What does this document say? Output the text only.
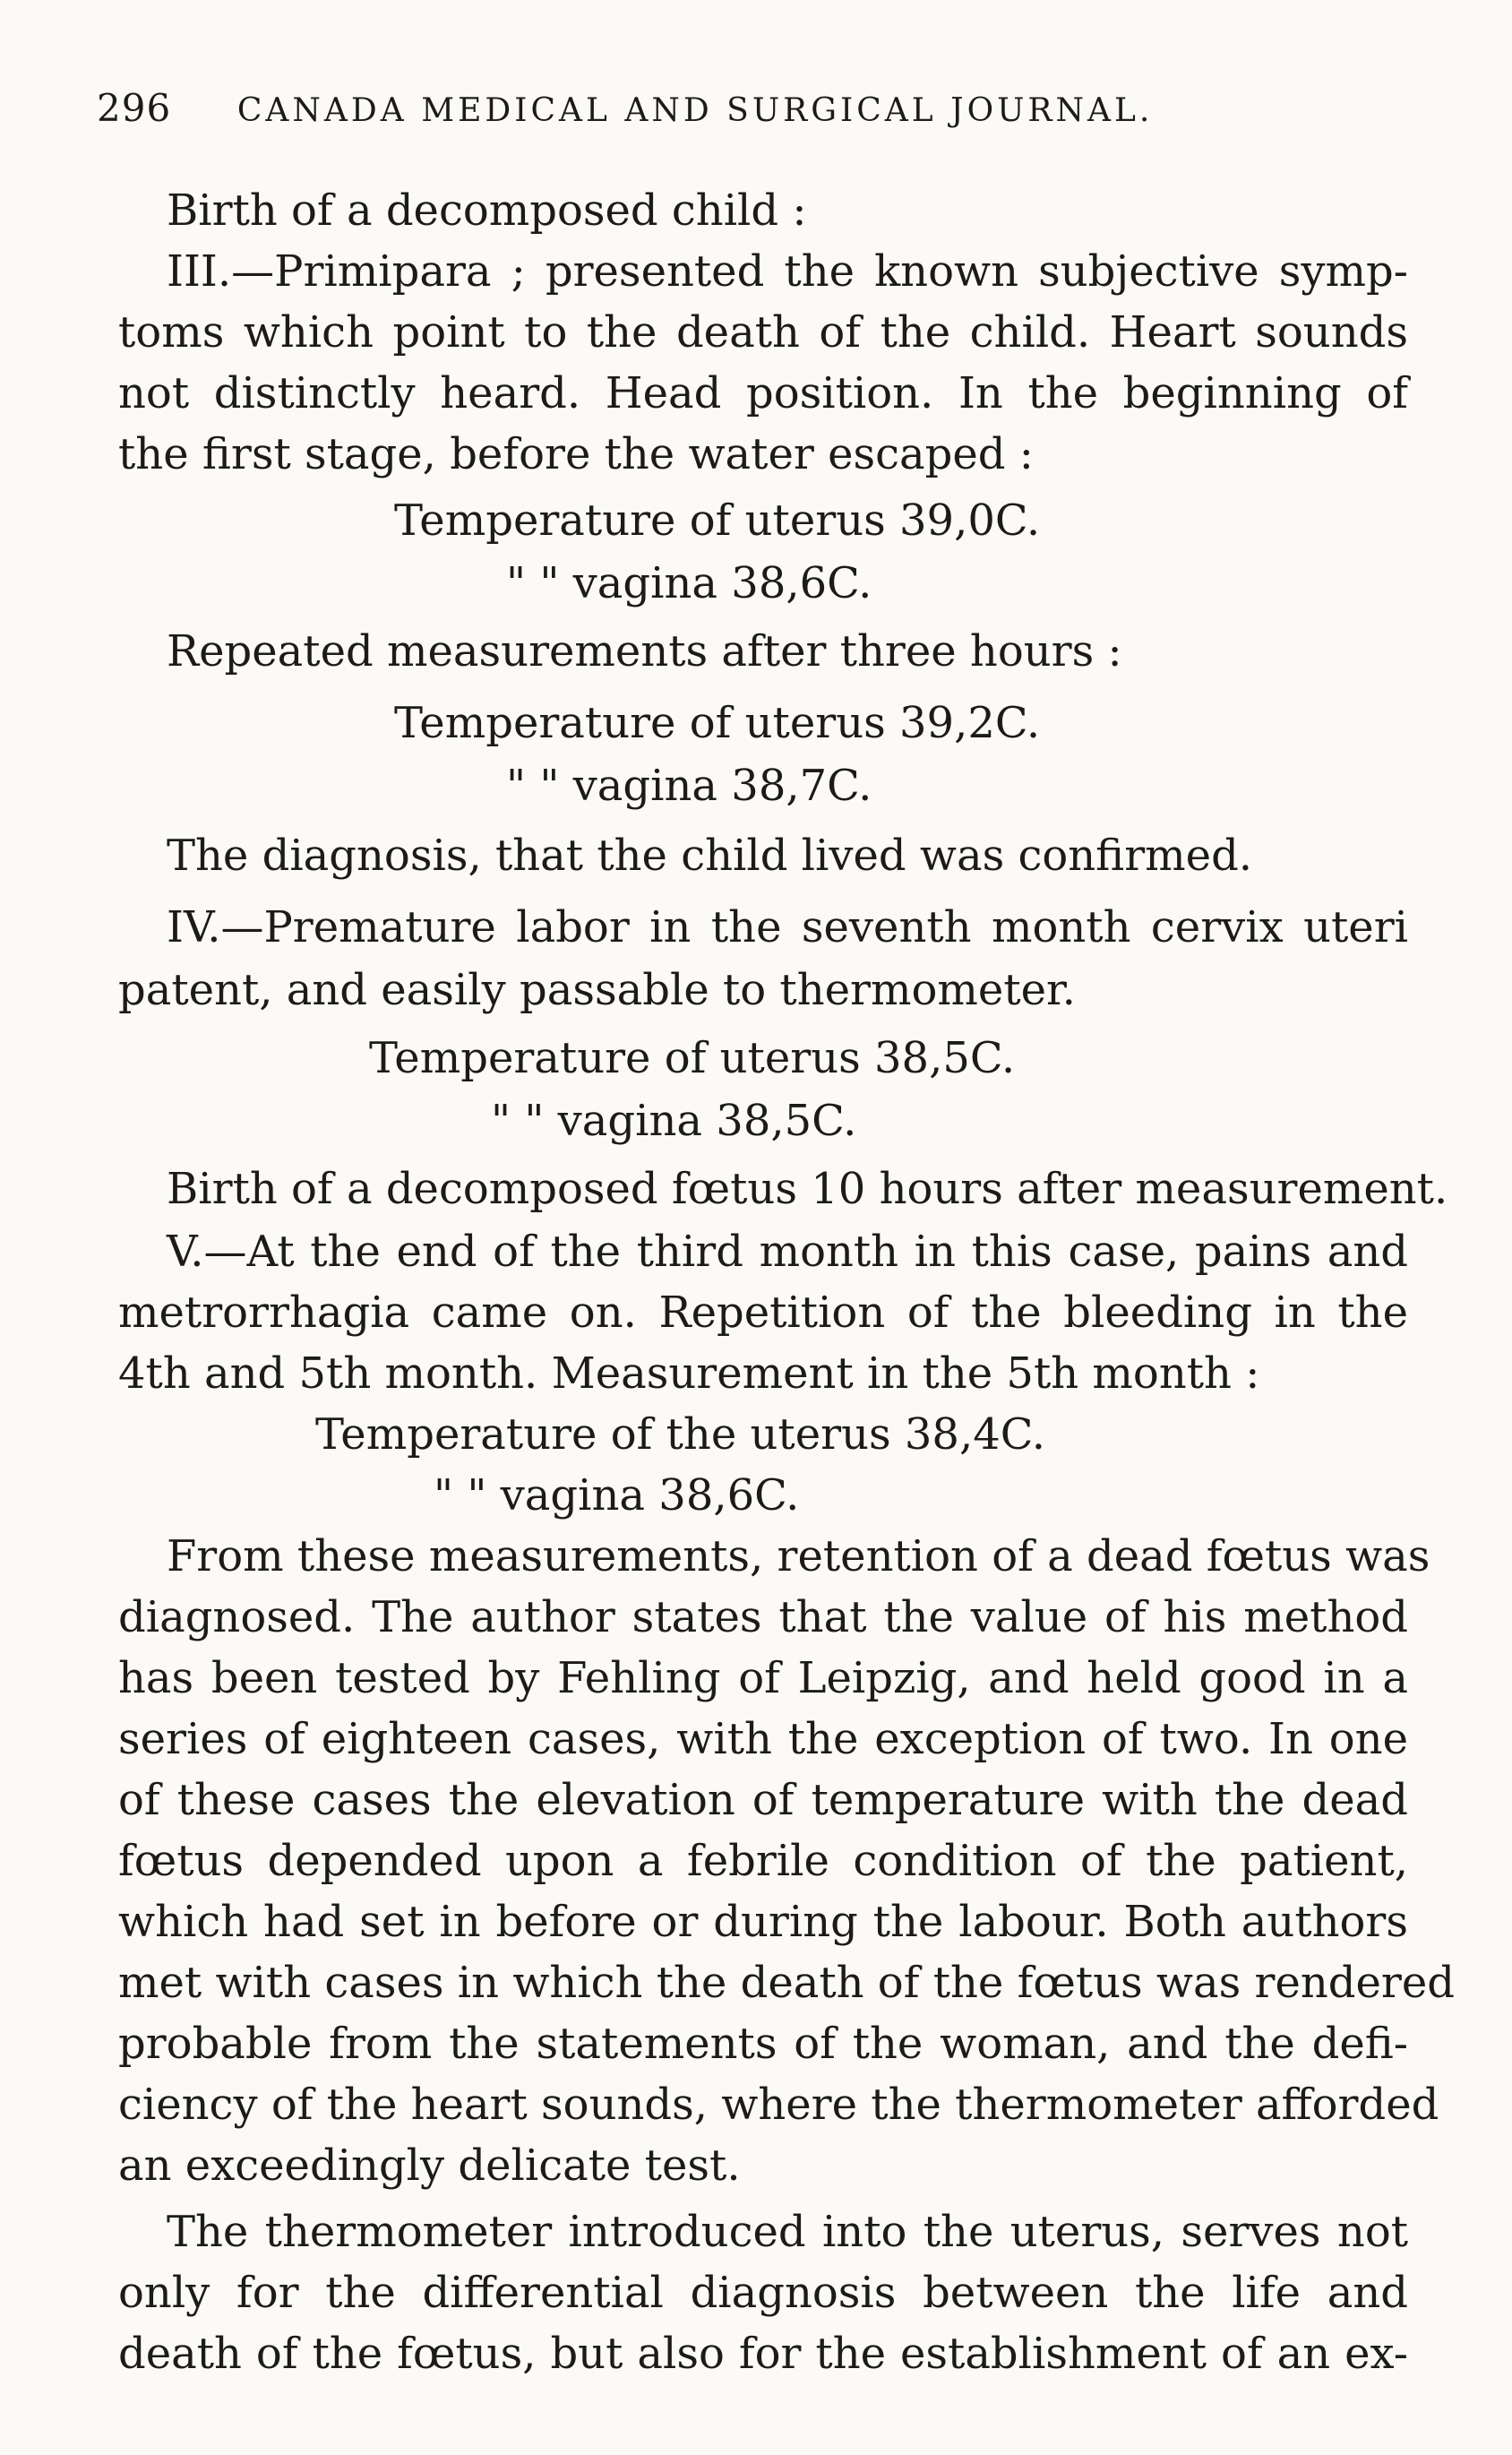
296 CANADA MEDICAL AND SURGICAL JOURNAL.
Birth of a decomposed child :
III.—Primipara ; presented the known subjective symp-
toms which point to the death of the child. Heart sounds
not distinctly heard. Head position. In the beginning of
the first stage, before the water escaped :
Temperature of uterus 39,0C.
" " vagina 38,6C.
Repeated measurements after three hours :
Temperature of uterus 39,2C.
" " vagina 38,7C.
The diagnosis, that the child lived was confirmed.
IV.—Premature labor in the seventh month cervix uteri
patent, and easily passable to thermometer.
Temperature of uterus 38,5C.
" " vagina 38,5C.
Birth of a decomposed fœtus 10 hours after measurement.
V.—At the end of the third month in this case, pains and
metrorrhagia came on. Repetition of the bleeding in the
4th and 5th month. Measurement in the 5th month :
Temperature of the uterus 38,4C.
" " vagina 38,6C.
From these measurements, retention of a dead fœtus was
diagnosed. The author states that the value of his method
has been tested by Fehling of Leipzig, and held good in a
series of eighteen cases, with the exception of two. In one
of these cases the elevation of temperature with the dead
fœtus depended upon a febrile condition of the patient,
which had set in before or during the labour. Both authors
met with cases in which the death of the fœtus was rendered
probable from the statements of the woman, and the defi-
ciency of the heart sounds, where the thermometer afforded
an exceedingly delicate test.
The thermometer introduced into the uterus, serves not
only for the differential diagnosis between the life and
death of the fœtus, but also for the establishment of an ex-
